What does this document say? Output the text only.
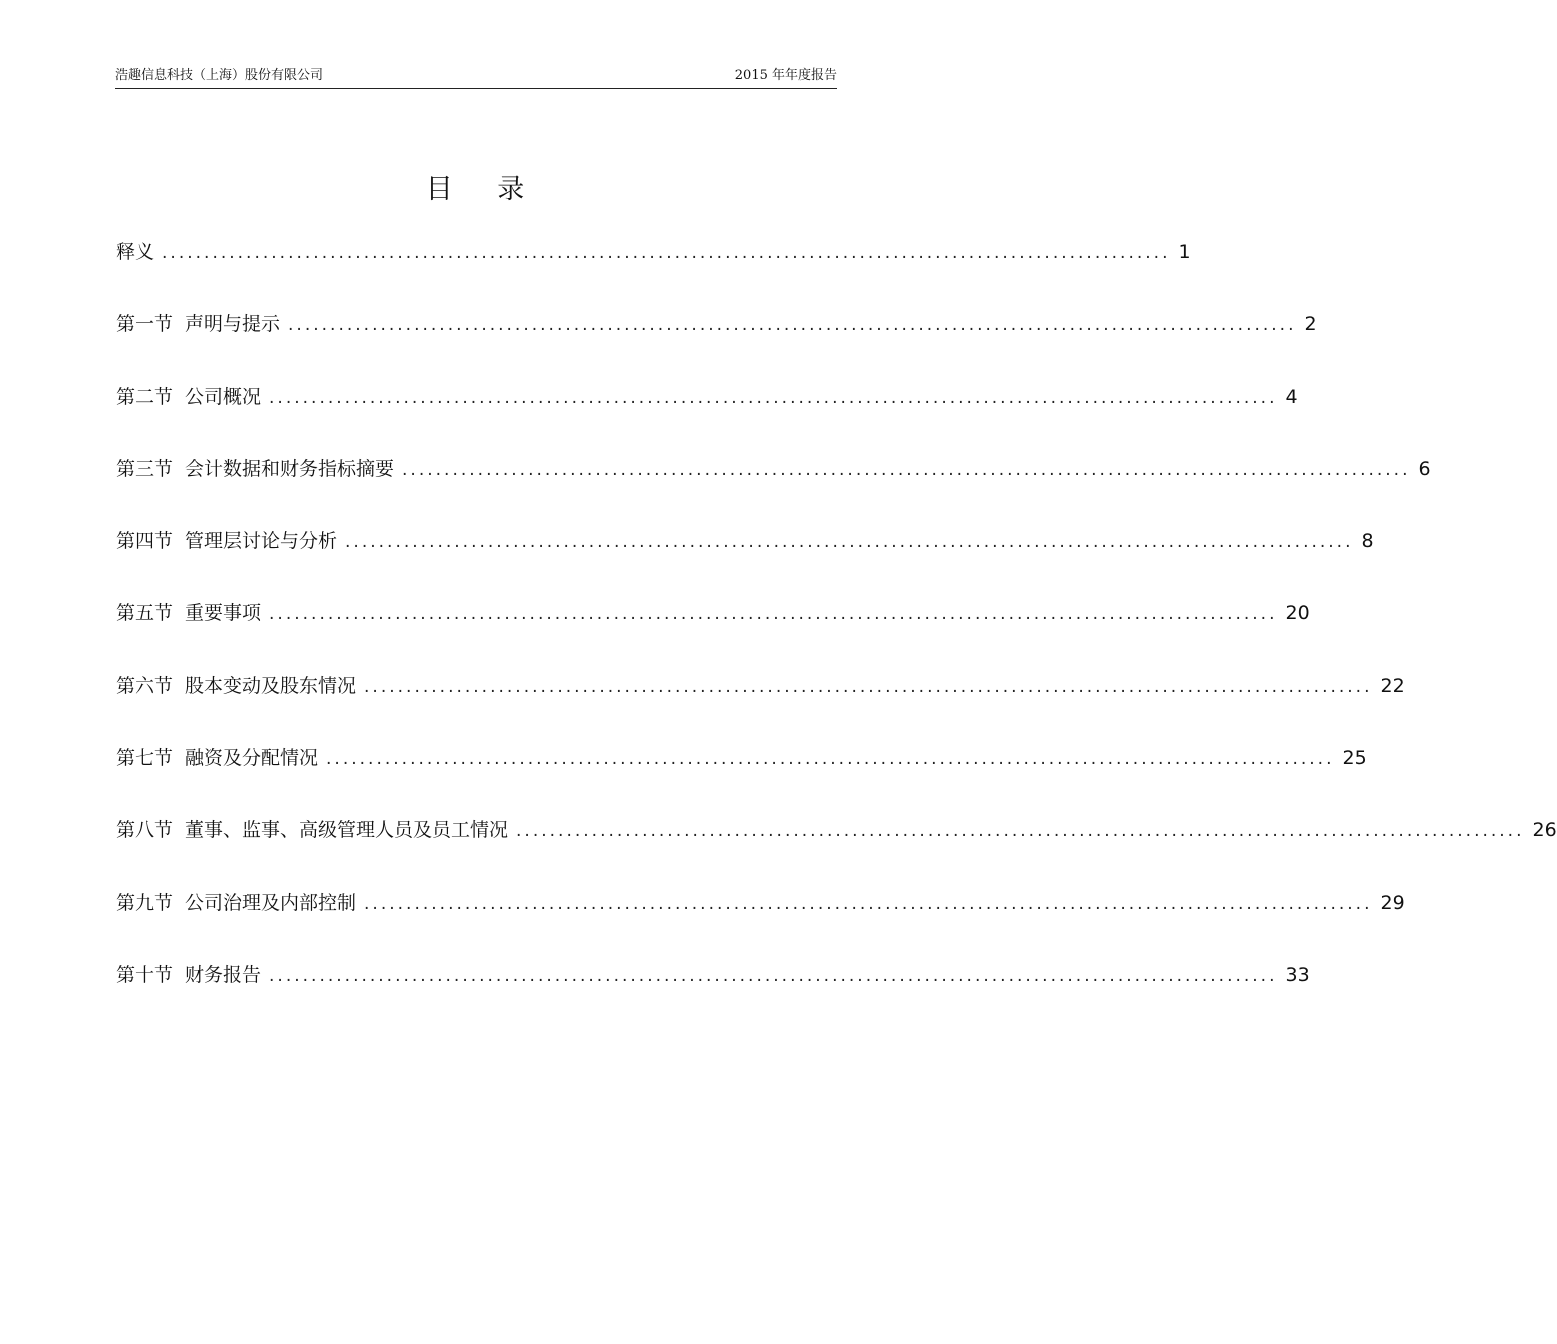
浩趣信息科技（上海）股份有限公司	2015 年年度报告
目 录
释义 ........................................................................................................................ 1
第一节 声明与提示 ........................................................................................................................ 2
第二节 公司概况 ........................................................................................................................ 4
第三节 会计数据和财务指标摘要 ........................................................................................................................ 6
第四节 管理层讨论与分析 ........................................................................................................................ 8
第五节 重要事项 ........................................................................................................................ 20
第六节 股本变动及股东情况 ........................................................................................................................ 22
第七节 融资及分配情况 ........................................................................................................................ 25
第八节 董事、监事、高级管理人员及员工情况 ........................................................................................................................ 26
第九节 公司治理及内部控制 ........................................................................................................................ 29
第十节 财务报告 ........................................................................................................................ 33
